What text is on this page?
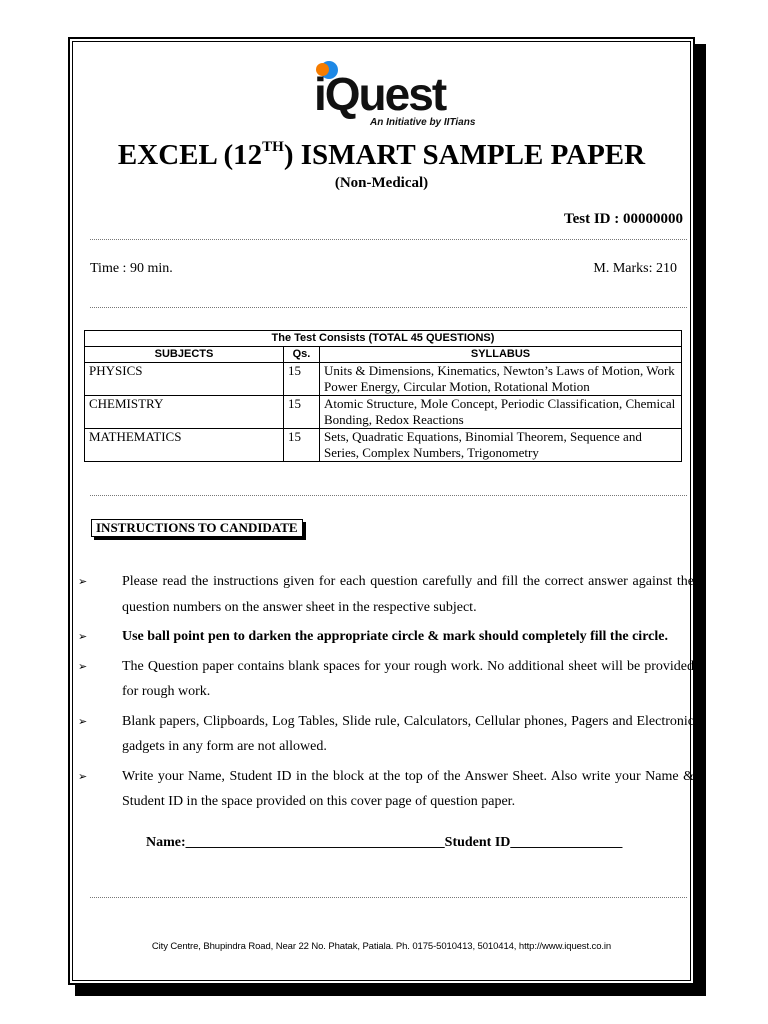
iQuest
An Initiative by IITians
EXCEL (12TH) ISMART SAMPLE PAPER
(Non-Medical)
Test ID : 00000000
Time : 90 min.	M. Marks: 210
The Test Consists (TOTAL 45 QUESTIONS)		
SUBJECTS	Qs.	SYLLABUS
PHYSICS	15	Units & Dimensions, Kinematics, Newton’s Laws of Motion, Work Power Energy, Circular Motion, Rotational Motion
CHEMISTRY	15	Atomic Structure, Mole Concept, Periodic Classification, Chemical Bonding, Redox Reactions
MATHEMATICS	15	Sets, Quadratic Equations, Binomial Theorem, Sequence and Series, Complex Numbers, Trigonometry
INSTRUCTIONS TO CANDIDATE
➢ Please read the instructions given for each question carefully and fill the correct answer against the question numbers on the answer sheet in the respective subject.
➢ Use ball point pen to darken the appropriate circle & mark should completely fill the circle.
➢ The Question paper contains blank spaces for your rough work. No additional sheet will be provided for rough work.
➢ Blank papers, Clipboards, Log Tables, Slide rule, Calculators, Cellular phones, Pagers and Electronic gadgets in any form are not allowed.
➢ Write your Name, Student ID in the block at the top of the Answer Sheet. Also write your Name & Student ID in the space provided on this cover page of question paper.
Name:_____________________________________Student ID________________
City Centre, Bhupindra Road, Near 22 No. Phatak, Patiala. Ph. 0175-5010413, 5010414, http://www.iquest.co.in
